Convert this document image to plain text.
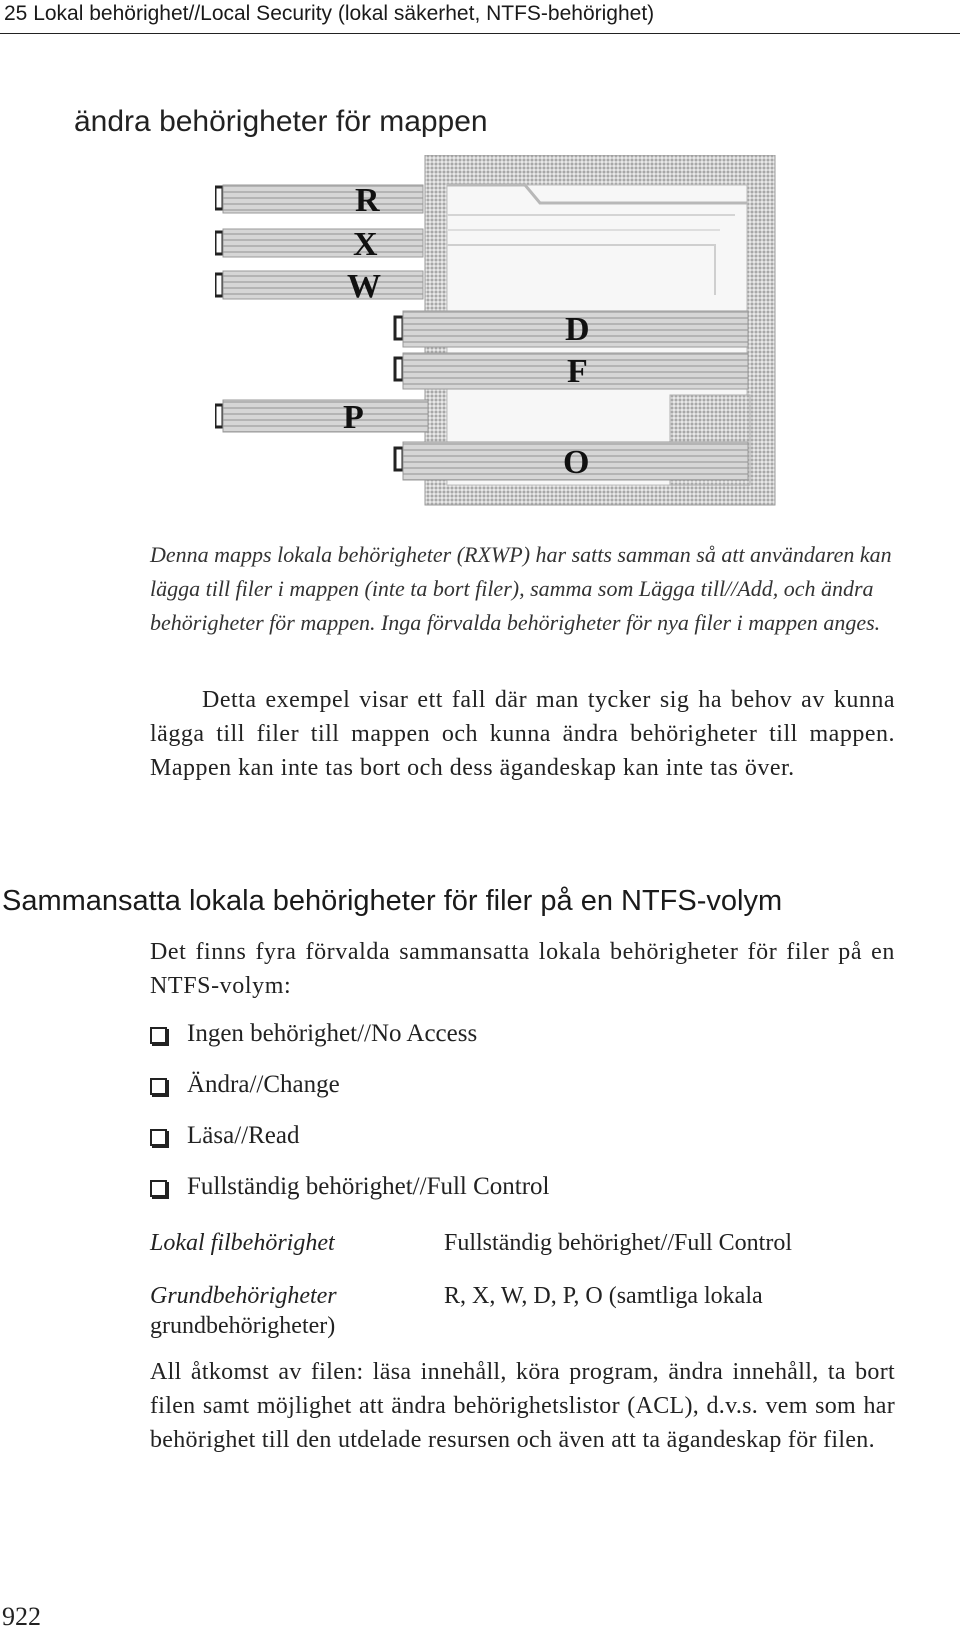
25 Lokal behörighet//Local Security (lokal säkerhet, NTFS-behörighet)
ändra behörigheter för mappen
R
X
W
D
F
P
O
Denna mapps lokala behörigheter (RXWP) har satts samman så att användaren kan lägga till filer i mappen (inte ta bort filer), samma som Lägga till//Add, och ändra behörigheter för mappen. Inga förvalda behörigheter för nya filer i mappen anges.
Detta exempel visar ett fall där man tycker sig ha behov av kunna lägga till filer till mappen och kunna ändra behörigheter till mappen. Mappen kan inte tas bort och dess ägandeskap kan inte tas över.
Sammansatta lokala behörigheter för filer på en NTFS-volym
Det finns fyra förvalda sammansatta lokala behörigheter för filer på en NTFS-volym:
Ingen behörighet//No Access
Ändra//Change
Läsa//Read
Fullständig behörighet//Full Control
Lokal filbehörighet	Fullständig behörighet//Full Control
Grundbehörigheter	R, X, W, D, P, O (samtliga lokala
grundbehörigheter)
All åtkomst av filen: läsa innehåll, köra program, ändra innehåll, ta bort filen samt möjlighet att ändra behörighetslistor (ACL), d.v.s. vem som har behörighet till den utdelade resursen och även att ta ägandeskap för filen.
922
